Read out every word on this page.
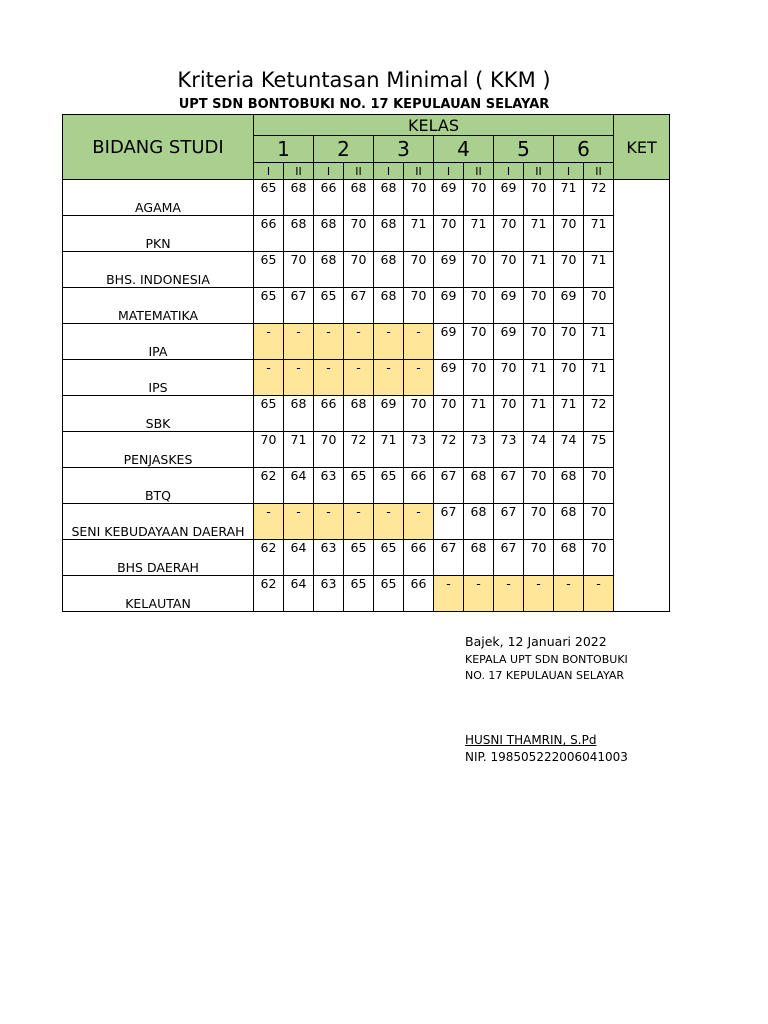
Kriteria Ketuntasan Minimal ( KKM )
UPT SDN BONTOBUKI NO. 17 KEPULAUAN SELAYAR
BIDANG STUDI	KELAS												KET
	1		2		3		4		5		6		
	I	II	I	II	I	II	I	II	I	II	I	II	
AGAMA	65	68	66	68	68	70	69	70	69	70	71	72	
PKN	66	68	68	70	68	71	70	71	70	71	70	71	
BHS. INDONESIA	65	70	68	70	68	70	69	70	70	71	70	71	
MATEMATIKA	65	67	65	67	68	70	69	70	69	70	69	70	
IPA	-	-	-	-	-	-	69	70	69	70	70	71	
IPS	-	-	-	-	-	-	69	70	70	71	70	71	
SBK	65	68	66	68	69	70	70	71	70	71	71	72	
PENJASKES	70	71	70	72	71	73	72	73	73	74	74	75	
BTQ	62	64	63	65	65	66	67	68	67	70	68	70	
SENI KEBUDAYAAN DAERAH	-	-	-	-	-	-	67	68	67	70	68	70	
BHS DAERAH	62	64	63	65	65	66	67	68	67	70	68	70	
KELAUTAN	62	64	63	65	65	66	-	-	-	-	-	-	
Bajek, 12 Januari 2022
KEPALA UPT SDN BONTOBUKI
NO. 17 KEPULAUAN SELAYAR
HUSNI THAMRIN, S.Pd
NIP. 198505222006041003
